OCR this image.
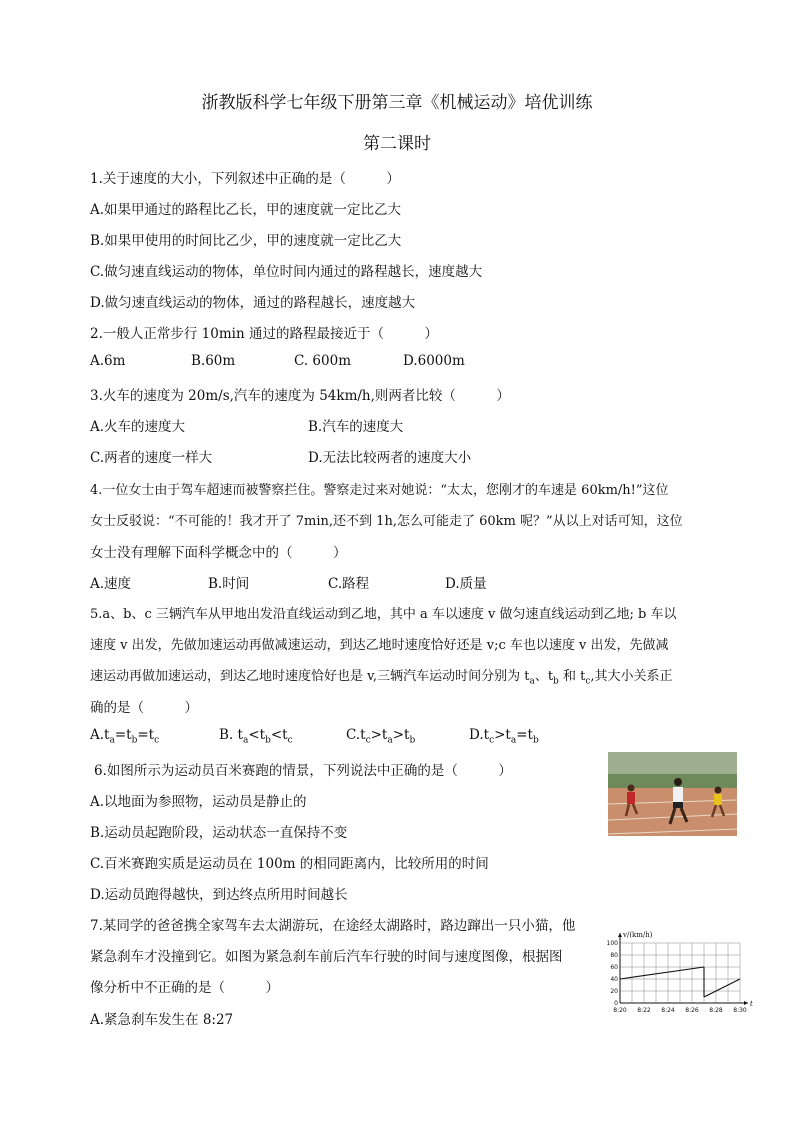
浙教版科学七年级下册第三章《机械运动》培优训练
第二课时
1.关于速度的大小，下列叙述中正确的是（　　　）
A.如果甲通过的路程比乙长，甲的速度就一定比乙大
B.如果甲使用的时间比乙少，甲的速度就一定比乙大
C.做匀速直线运动的物体，单位时间内通过的路程越长，速度越大
D.做匀速直线运动的物体，通过的路程越长，速度越大
2.一般人正常步行 10min 通过的路程最接近于（　　　）
A.6m	B.60m	C. 600m	D.6000m
3.火车的速度为 20m/s,汽车的速度为 54km/h,则两者比较（　　　）
A.火车的速度大	B.汽车的速度大
C.两者的速度一样大	D.无法比较两者的速度大小
4.一位女士由于驾车超速而被警察拦住。警察走过来对她说：“太太，您刚才的车速是 60km/h!”这位
女士反驳说：“不可能的！我才开了 7min,还不到 1h,怎么可能走了 60km 呢？”从以上对话可知，这位
女士没有理解下面科学概念中的（　　　）
A.速度	B.时间	C.路程	D.质量
5.a、b、c 三辆汽车从甲地出发沿直线运动到乙地，其中 a 车以速度 v 做匀速直线运动到乙地; b 车以
速度 v 出发，先做加速运动再做减速运动，到达乙地时速度恰好还是 v;c 车也以速度 v 出发，先做减
速运动再做加速运动，到达乙地时速度恰好也是 v,三辆汽车运动时间分别为 $t_a$、$t_b$ 和 $t_c$,其大小关系正
确的是（　　　）
$A.t_a=t_b=t_c$	B. $t_a<t_b<t_c$	$C.t_c>t_a>t_b$	$D.t_c>t_a=t_b$
6.如图所示为运动员百米赛跑的情景，下列说法中正确的是（　　　）
A.以地面为参照物，运动员是静止的
B.运动员起跑阶段，运动状态一直保持不变
C.百米赛跑实质是运动员在 100m 的相同距离内，比较所用的时间
D.运动员跑得越快，到达终点所用时间越长
7.某同学的爸爸携全家驾车去太湖游玩，在途经太湖路时，路边蹿出一只小猫，他
紧急刹车才没撞到它。如图为紧急刹车前后汽车行驶的时间与速度图像，根据图
像分析中不正确的是（　　　）
A.紧急刹车发生在 8:27
0
20
40
60
80
100
8:20 8:22 8:24 8:26 8:28 8:30
v/(km/h)
t
